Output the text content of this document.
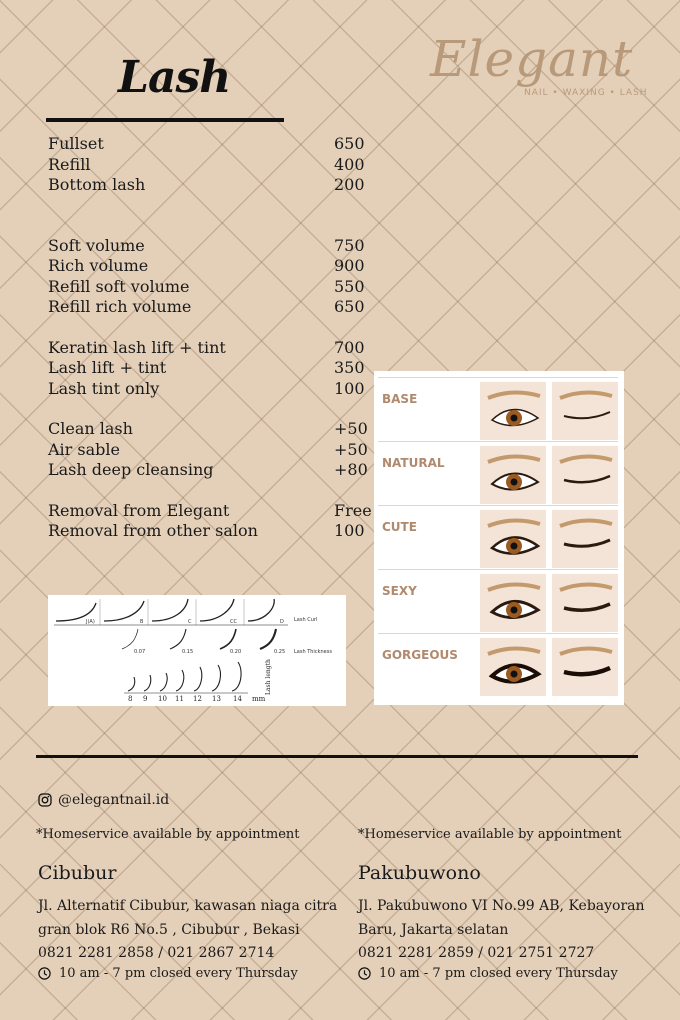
Lash	Elegant
NAIL • WAXING • LASH
Fullset	650
Refill	400
Bottom lash	200
Soft volume	750
Rich volume	900
Refill soft volume	550
Refill rich volume	650
Keratin lash lift + tint	700
Lash lift + tint	350
Lash tint only	100
Clean lash	+50
Air sable	+50
Lash deep cleansing	+80
Removal from Elegant	Free
Removal from other salon	100
J(A)	B	C	CC	D Lash Curl
0.07	0.15	0.20	0.25 Lash Thickness
8 9 10 11 12 13 14 mm
Lash length
BASE
NATURAL
CUTE
SEXY
GORGEOUS
@elegantnail.id
*Homeservice available by appointment	*Homeservice available by appointment
Cibubur	Pakubuwono
Jl. Alternatif Cibubur, kawasan niaga citra gran blok R6 No.5 , Cibubur , Bekasi
0821 2281 2858 / 021 2867 2714
Jl. Pakubuwono VI No.99 AB, Kebayoran Baru, Jakarta selatan
0821 2281 2859 / 021 2751 2727
10 am - 7 pm closed every Thursday	10 am - 7 pm closed every Thursday
